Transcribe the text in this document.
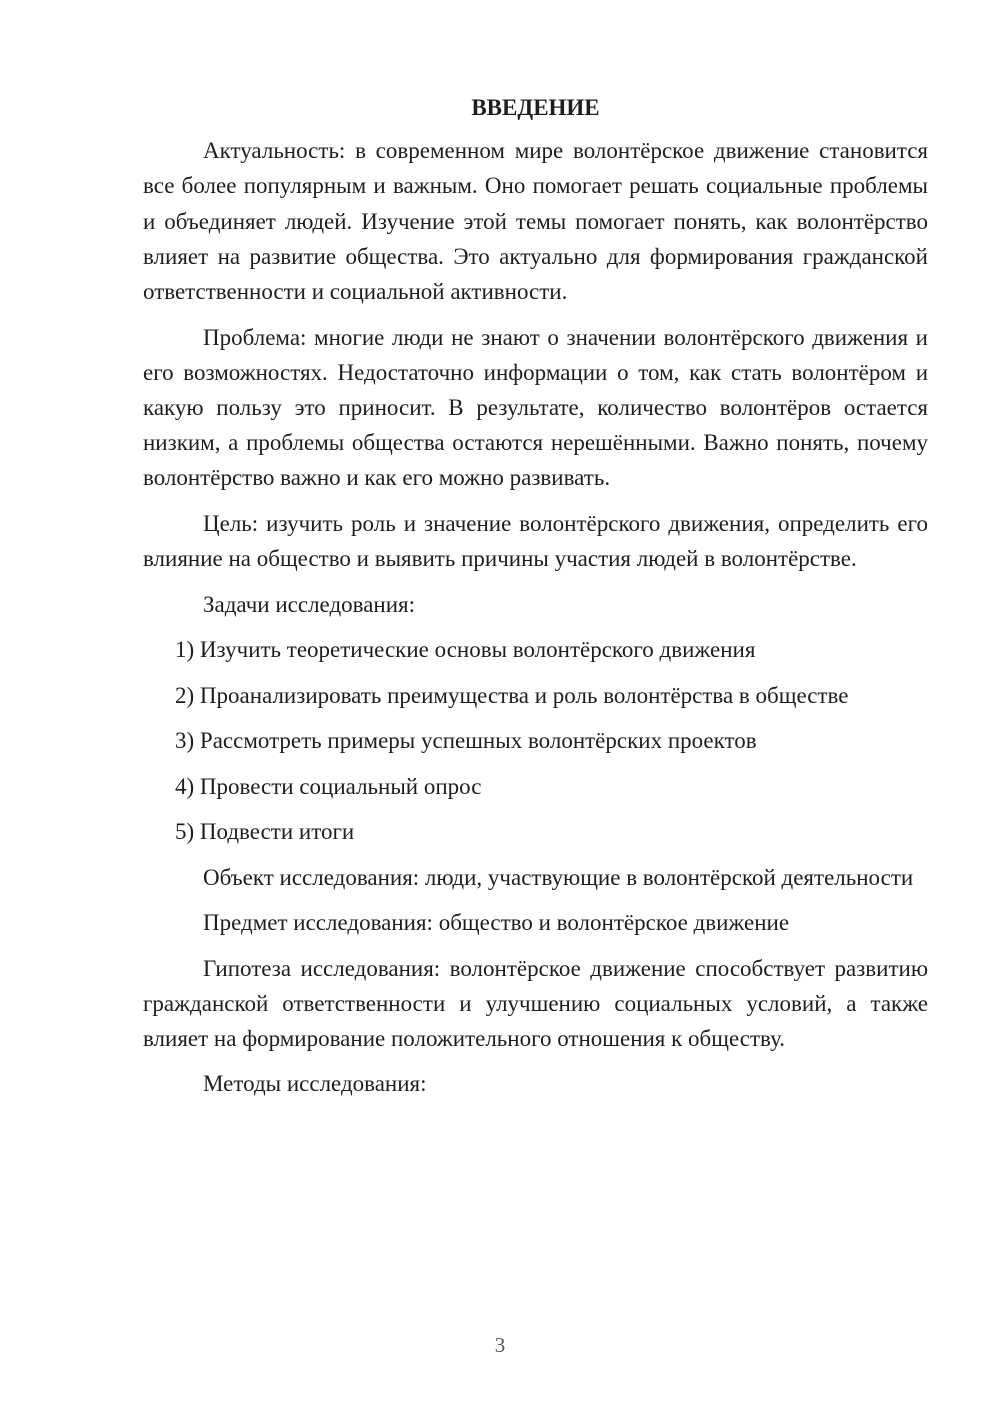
ВВЕДЕНИЕ

Актуальность: в современном мире волонтёрское движение становится все более популярным и важным. Оно помогает решать социальные проблемы и объединяет людей. Изучение этой темы помогает понять, как волонтёрство влияет на развитие общества. Это актуально для формирования гражданской ответственности и социальной активности.

Проблема: многие люди не знают о значении волонтёрского движения и его возможностях. Недостаточно информации о том, как стать волонтёром и какую пользу это приносит. В результате, количество волонтёров остается низким, а проблемы общества остаются нерешёнными. Важно понять, почему волонтёрство важно и как его можно развивать.

Цель: изучить роль и значение волонтёрского движения, определить его влияние на общество и выявить причины участия людей в волонтёрстве.

Задачи исследования:

1) Изучить теоретические основы волонтёрского движения
2) Проанализировать преимущества и роль волонтёрства в обществе
3) Рассмотреть примеры успешных волонтёрских проектов
4) Провести социальный опрос
5) Подвести итоги

Объект исследования: люди, участвующие в волонтёрской деятельности

Предмет исследования: общество и волонтёрское движение

Гипотеза исследования: волонтёрское движение способствует развитию гражданской ответственности и улучшению социальных условий, а также влияет на формирование положительного отношения к обществу.

Методы исследования:

3
